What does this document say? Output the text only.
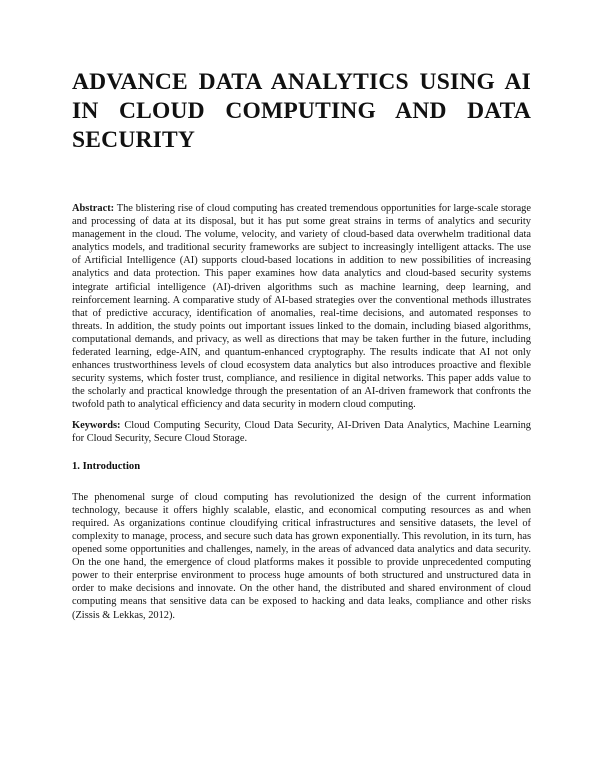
ADVANCE DATA ANALYTICS USING AI IN CLOUD COMPUTING AND DATA SECURITY

Abstract: The blistering rise of cloud computing has created tremendous opportunities for large-scale storage and processing of data at its disposal, but it has put some great strains in terms of analytics and security management in the cloud. The volume, velocity, and variety of cloud-based data overwhelm traditional data analytics models, and traditional security frameworks are subject to increasingly intelligent attacks. The use of Artificial Intelligence (AI) supports cloud-based locations in addition to new possibilities of increasing analytics and data protection. This paper examines how data analytics and cloud-based security systems integrate artificial intelligence (AI)-driven algorithms such as machine learning, deep learning, and reinforcement learning. A comparative study of AI-based strategies over the conventional methods illustrates that of predictive accuracy, identification of anomalies, real-time decisions, and automated responses to threats. In addition, the study points out important issues linked to the domain, including biased algorithms, computational demands, and privacy, as well as directions that may be taken further in the future, including federated learning, edge-AIN, and quantum-enhanced cryptography. The results indicate that AI not only enhances trustworthiness levels of cloud ecosystem data analytics but also introduces proactive and flexible security systems, which foster trust, compliance, and resilience in digital networks. This paper adds value to the scholarly and practical knowledge through the presentation of an AI-driven framework that confronts the twofold path to analytical efficiency and data security in modern cloud computing.

Keywords: Cloud Computing Security, Cloud Data Security, AI-Driven Data Analytics, Machine Learning for Cloud Security, Secure Cloud Storage.

1. Introduction

The phenomenal surge of cloud computing has revolutionized the design of the current information technology, because it offers highly scalable, elastic, and economical computing resources as and when required. As organizations continue cloudifying critical infrastructures and sensitive datasets, the level of complexity to manage, process, and secure such data has grown exponentially. This revolution, in its turn, has opened some opportunities and challenges, namely, in the areas of advanced data analytics and data security. On the one hand, the emergence of cloud platforms makes it possible to provide unprecedented computing power to their enterprise environment to process huge amounts of both structured and unstructured data in order to make decisions and innovate. On the other hand, the distributed and shared environment of cloud computing means that sensitive data can be exposed to hacking and data leaks, compliance and other risks (Zissis & Lekkas, 2012).
